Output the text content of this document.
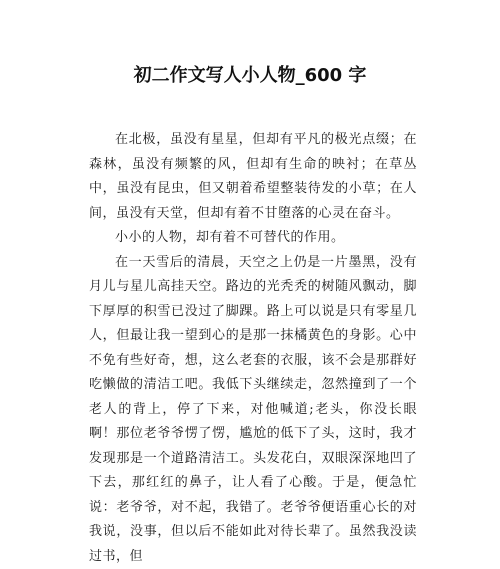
初二作文写人小人物_600 字

在北极，虽没有星星，但却有平凡的极光点缀；在森林，虽没有频繁的风，但却有生命的映衬；在草丛中，虽没有昆虫，但又朝着希望整装待发的小草；在人间，虽没有天堂，但却有着不甘堕落的心灵在奋斗。

小小的人物，却有着不可替代的作用。

在一天雪后的清晨，天空之上仍是一片墨黑，没有月儿与星儿高挂天空。路边的光秃秃的树随风飘动，脚下厚厚的积雪已没过了脚踝。路上可以说是只有零星几人，但最让我一望到心的是那一抹橘黄色的身影。心中不免有些好奇，想，这么老套的衣服，该不会是那群好吃懒做的清洁工吧。我低下头继续走，忽然撞到了一个老人的背上，停了下来，对他喊道;老头，你没长眼啊！那位老爷爷愣了愣，尴尬的低下了头，这时，我才发现那是一个道路清洁工。头发花白，双眼深深地凹了下去，那红红的鼻子，让人看了心酸。于是，便急忙说：老爷爷，对不起，我错了。老爷爷便语重心长的对我说，没事，但以后不能如此对待长辈了。虽然我没读过书，但
